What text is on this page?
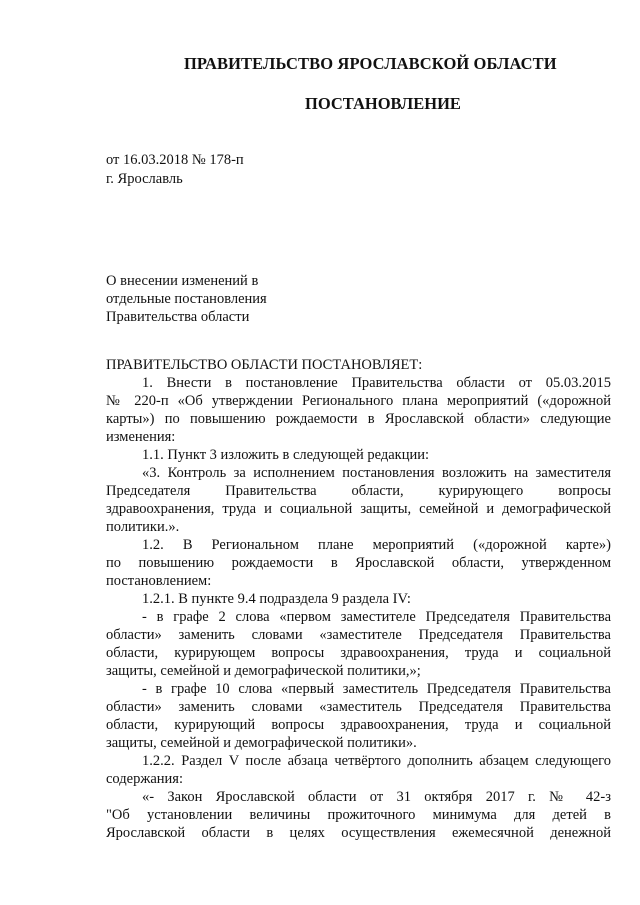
ПРАВИТЕЛЬСТВО ЯРОСЛАВСКОЙ ОБЛАСТИ
ПОСТАНОВЛЕНИЕ
от 16.03.2018 № 178-п
г. Ярославль
О внесении изменений в
отдельные постановления
Правительства области
ПРАВИТЕЛЬСТВО ОБЛАСТИ ПОСТАНОВЛЯЕТ:
1. Внести в постановление Правительства области от 05.03.2015
№ 220-п «Об утверждении Регионального плана мероприятий («дорожной
карты») по повышению рождаемости в Ярославской области» следующие
изменения:
1.1. Пункт 3 изложить в следующей редакции:
«3. Контроль за исполнением постановления возложить на заместителя
Председателя Правительства области, курирующего вопросы
здравоохранения, труда и социальной защиты, семейной и демографической
политики.».
1.2. В Региональном плане мероприятий («дорожной карте»)
по повышению рождаемости в Ярославской области, утвержденном
постановлением:
1.2.1. В пункте 9.4 подраздела 9 раздела IV:
- в графе 2 слова «первом заместителе Председателя Правительства
области» заменить словами «заместителе Председателя Правительства
области, курирующем вопросы здравоохранения, труда и социальной
защиты, семейной и демографической политики,»;
- в графе 10 слова «первый заместитель Председателя Правительства
области» заменить словами «заместитель Председателя Правительства
области, курирующий вопросы здравоохранения, труда и социальной
защиты, семейной и демографической политики».
1.2.2. Раздел V после абзаца четвёртого дополнить абзацем следующего
содержания:
«- Закон Ярославской области от 31 октября 2017 г. № 42-з
"Об установлении величины прожиточного минимума для детей в
Ярославской области в целях осуществления ежемесячной денежной
